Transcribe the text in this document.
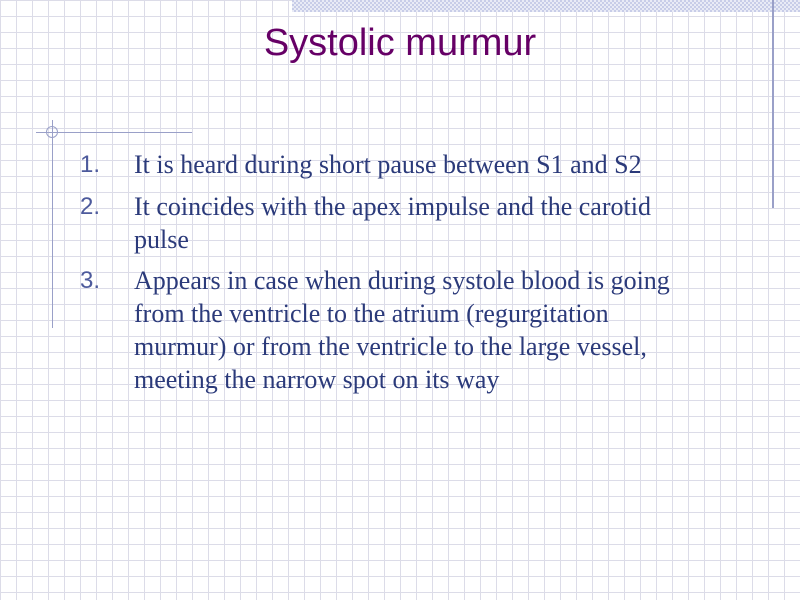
Systolic murmur
1.	It is heard during short pause between S1 and S2
2.	It coincides with the apex impulse and the carotid pulse
3.	Appears in case when during systole blood is going from the ventricle to the atrium (regurgitation murmur) or from the ventricle to the large vessel, meeting the narrow spot on its way
